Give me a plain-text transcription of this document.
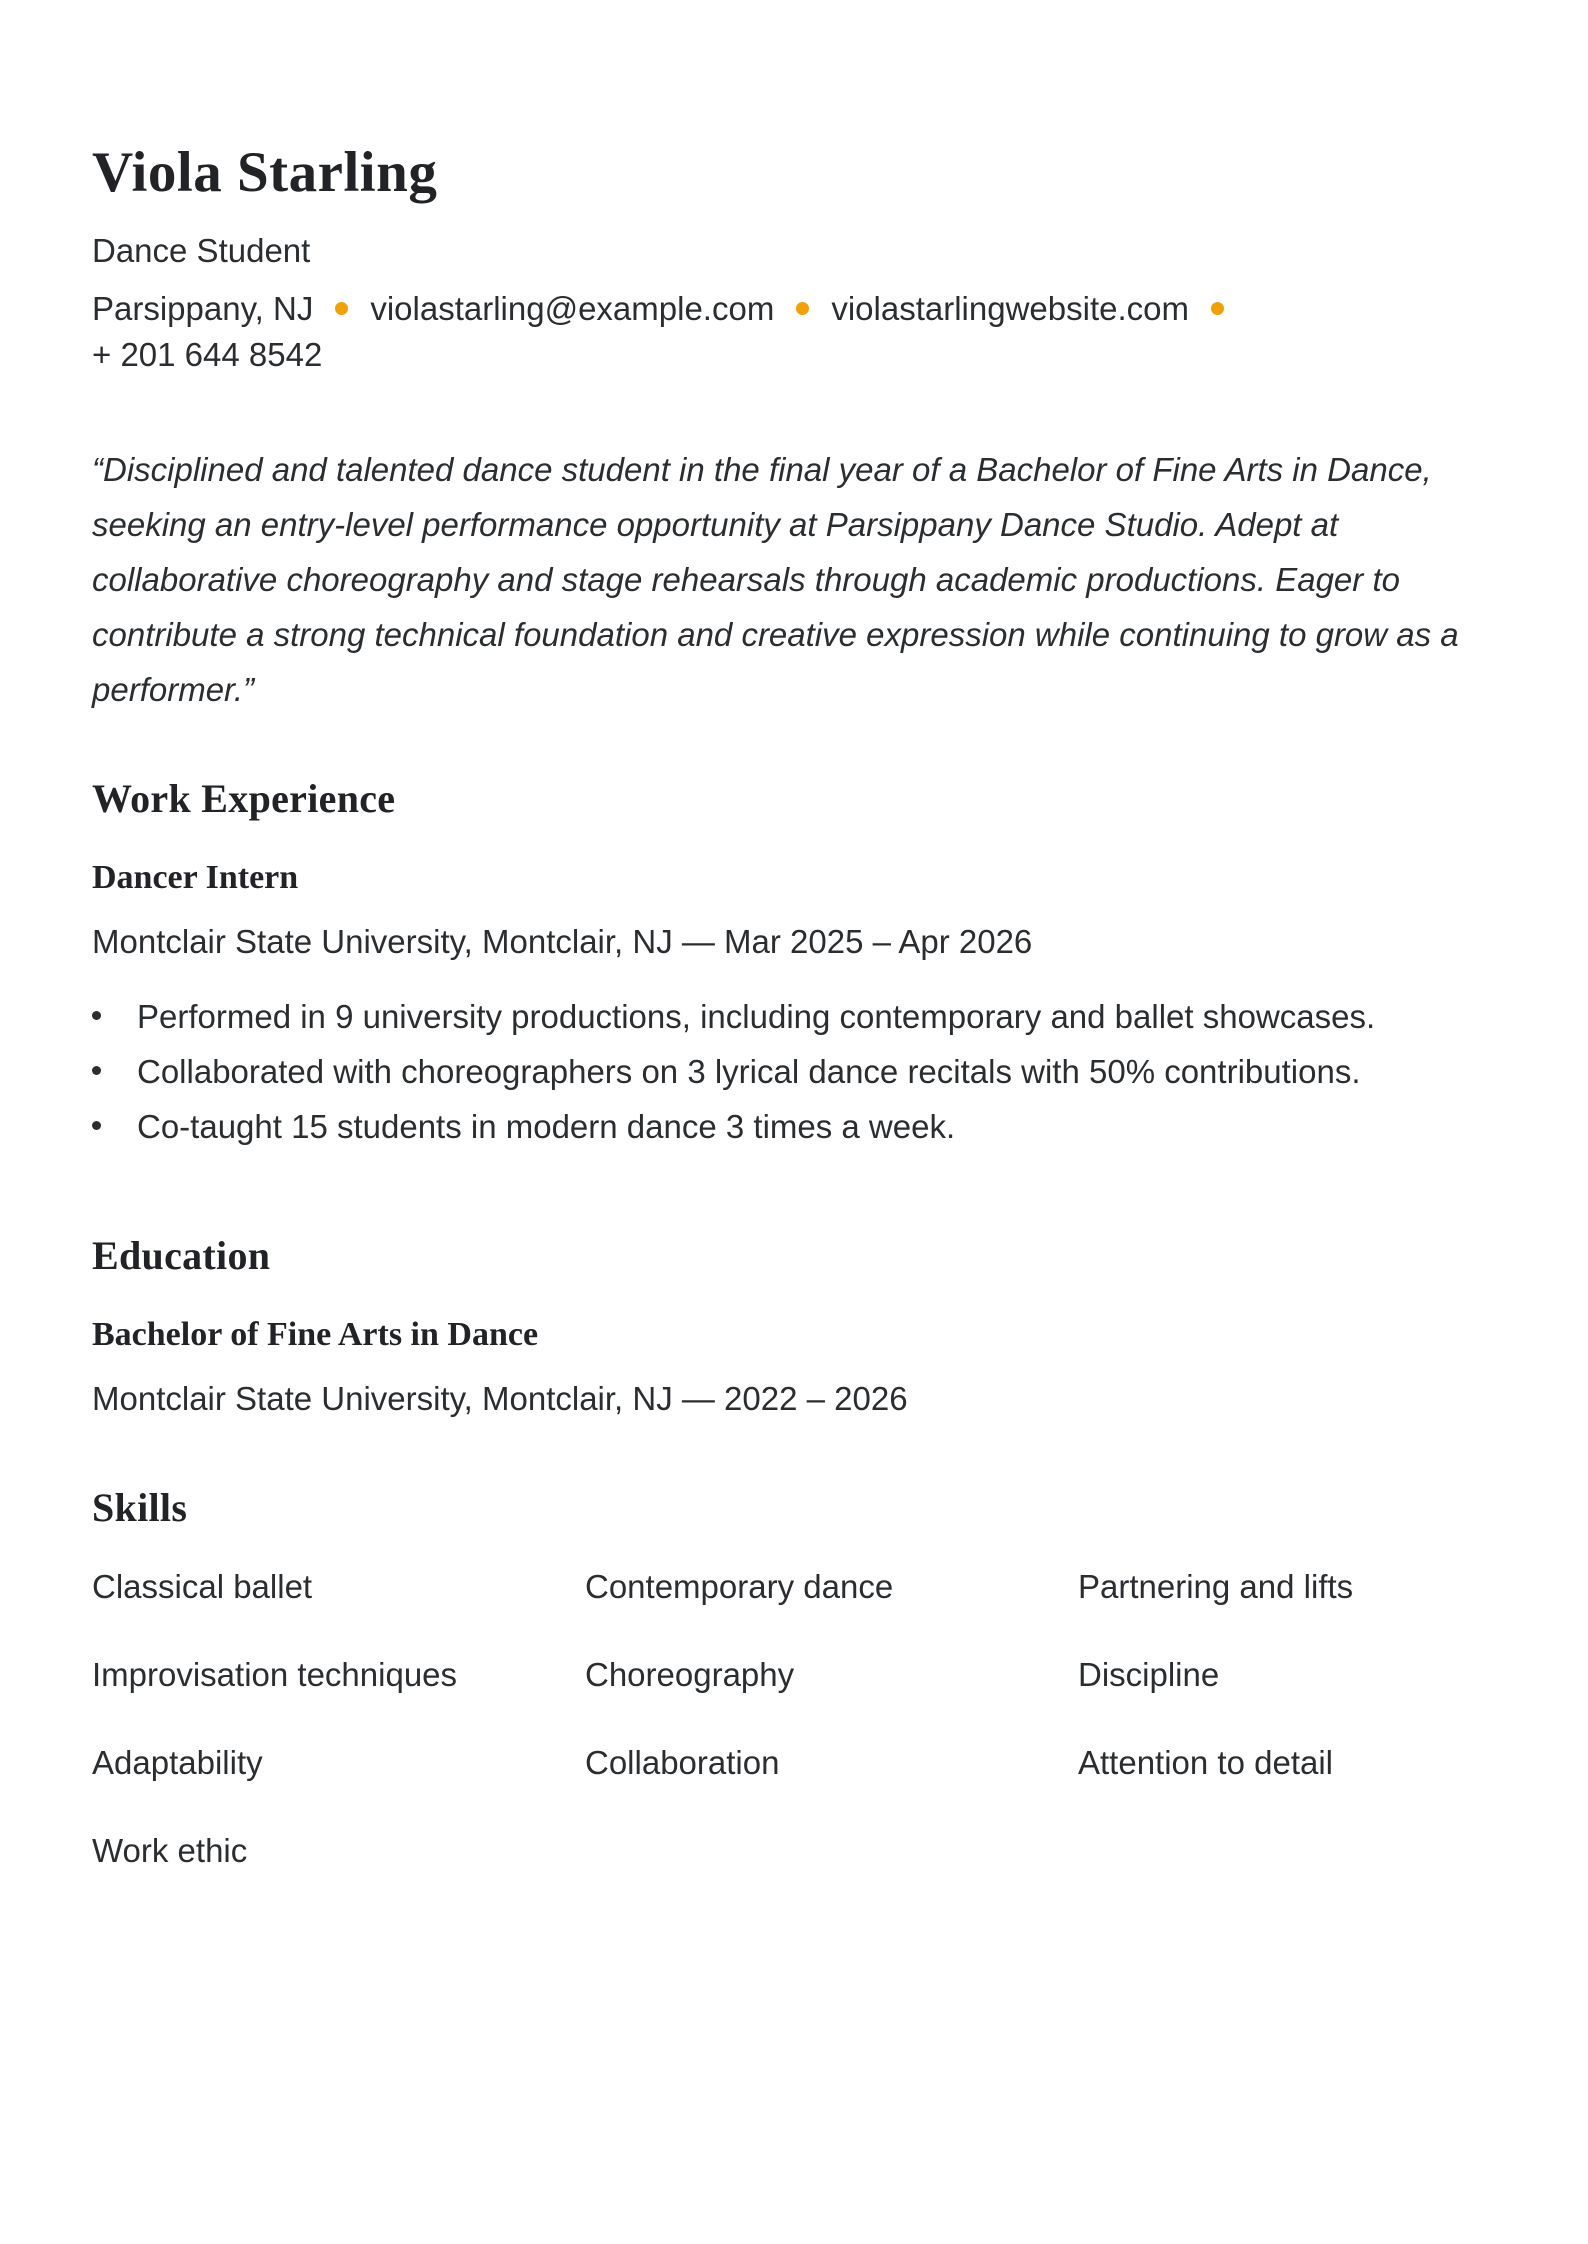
Viola Starling
Dance Student
Parsippany, NJ violastarling@example.com violastarlingwebsite.com
+ 201 644 8542
“Disciplined and talented dance student in the final year of a Bachelor of Fine Arts in Dance, seeking an entry-level performance opportunity at Parsippany Dance Studio. Adept at collaborative choreography and stage rehearsals through academic productions. Eager to contribute a strong technical foundation and creative expression while continuing to grow as a performer.”
Work Experience
Dancer Intern
Montclair State University, Montclair, NJ — Mar 2025 – Apr 2026
Performed in 9 university productions, including contemporary and ballet showcases.
Collaborated with choreographers on 3 lyrical dance recitals with 50% contributions.
Co-taught 15 students in modern dance 3 times a week.
Education
Bachelor of Fine Arts in Dance
Montclair State University, Montclair, NJ — 2022 – 2026
Skills
Classical ballet	Contemporary dance	Partnering and lifts
Improvisation techniques	Choreography	Discipline
Adaptability	Collaboration	Attention to detail
Work ethic
